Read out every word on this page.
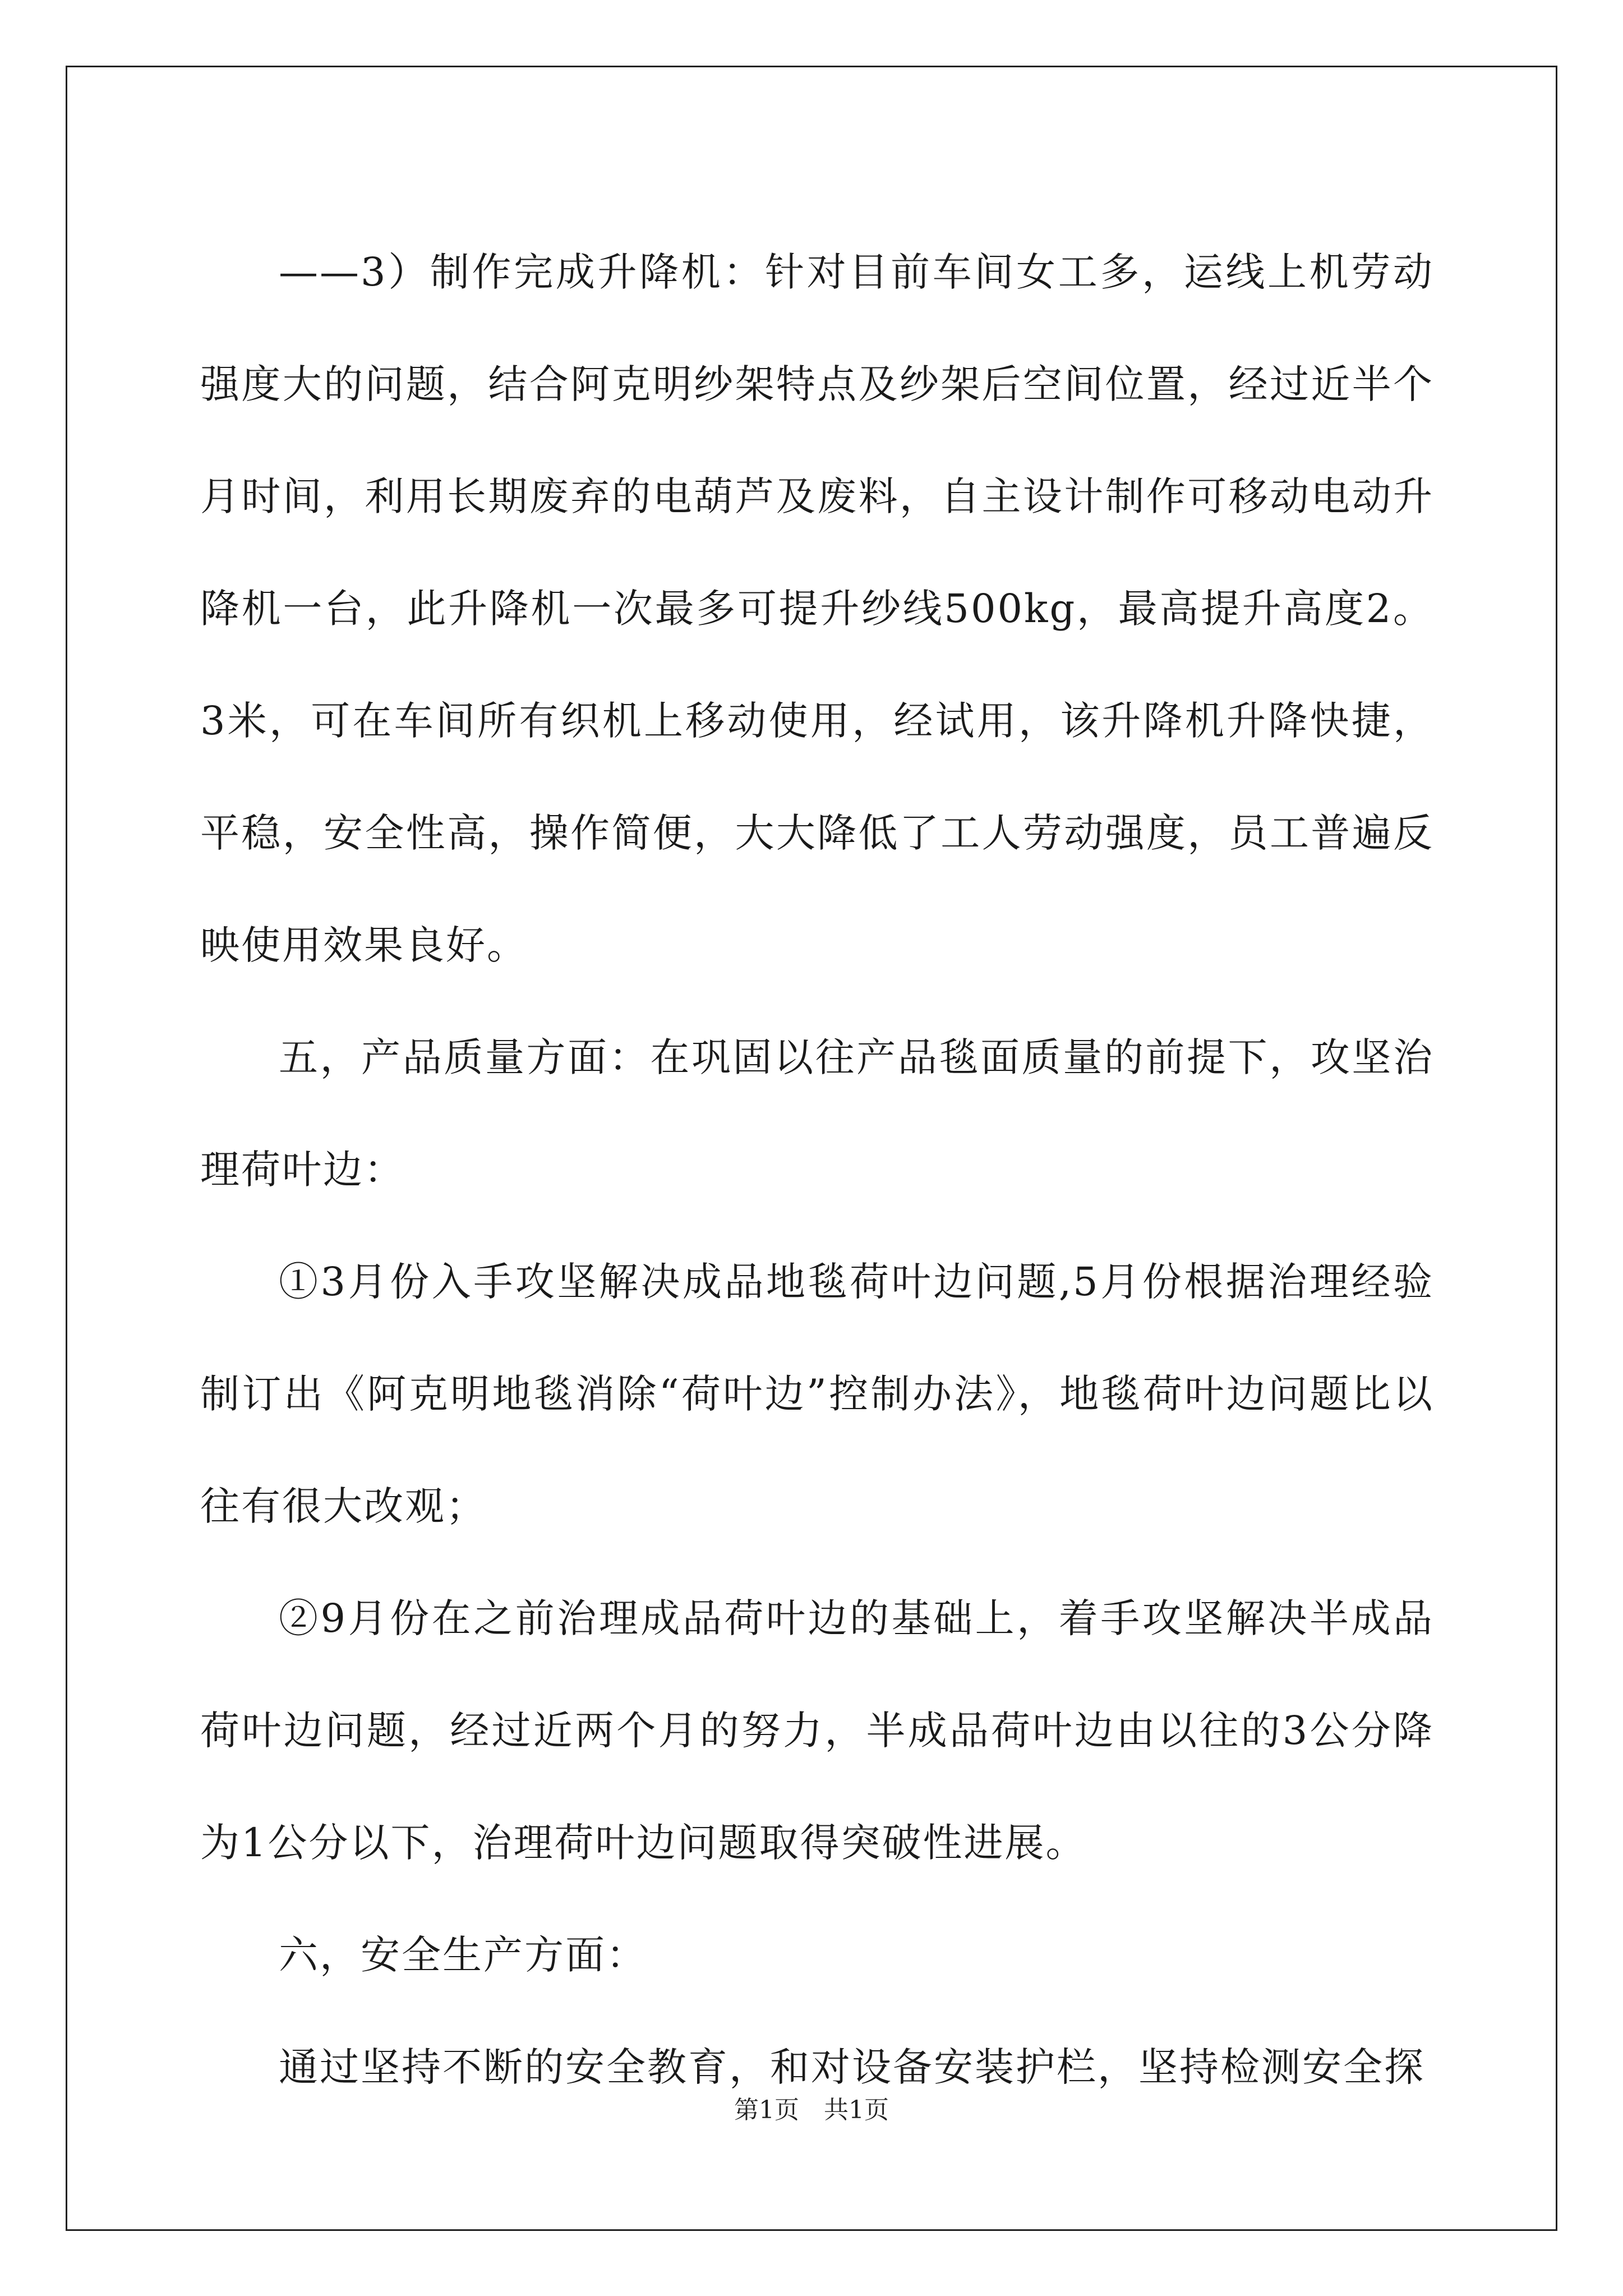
——3）制作完成升降机：针对目前车间女工多，运线上机劳动强度大的问题，结合阿克明纱架特点及纱架后空间位置，经过近半个月时间，利用长期废弃的电葫芦及废料，自主设计制作可移动电动升降机一台，此升降机一次最多可提升纱线500kg，最高提升高度2。3米，可在车间所有织机上移动使用，经试用，该升降机升降快捷，平稳，安全性高，操作简便，大大降低了工人劳动强度，员工普遍反映使用效果良好。

五，产品质量方面：在巩固以往产品毯面质量的前提下，攻坚治理荷叶边：

①3月份入手攻坚解决成品地毯荷叶边问题,5月份根据治理经验制订出《阿克明地毯消除“荷叶边”控制办法》，地毯荷叶边问题比以往有很大改观；

②9月份在之前治理成品荷叶边的基础上，着手攻坚解决半成品荷叶边问题，经过近两个月的努力，半成品荷叶边由以往的3公分降为1公分以下，治理荷叶边问题取得突破性进展。

六，安全生产方面：

通过坚持不断的安全教育，和对设备安装护栏，坚持检测安全探

第1页 共1页
